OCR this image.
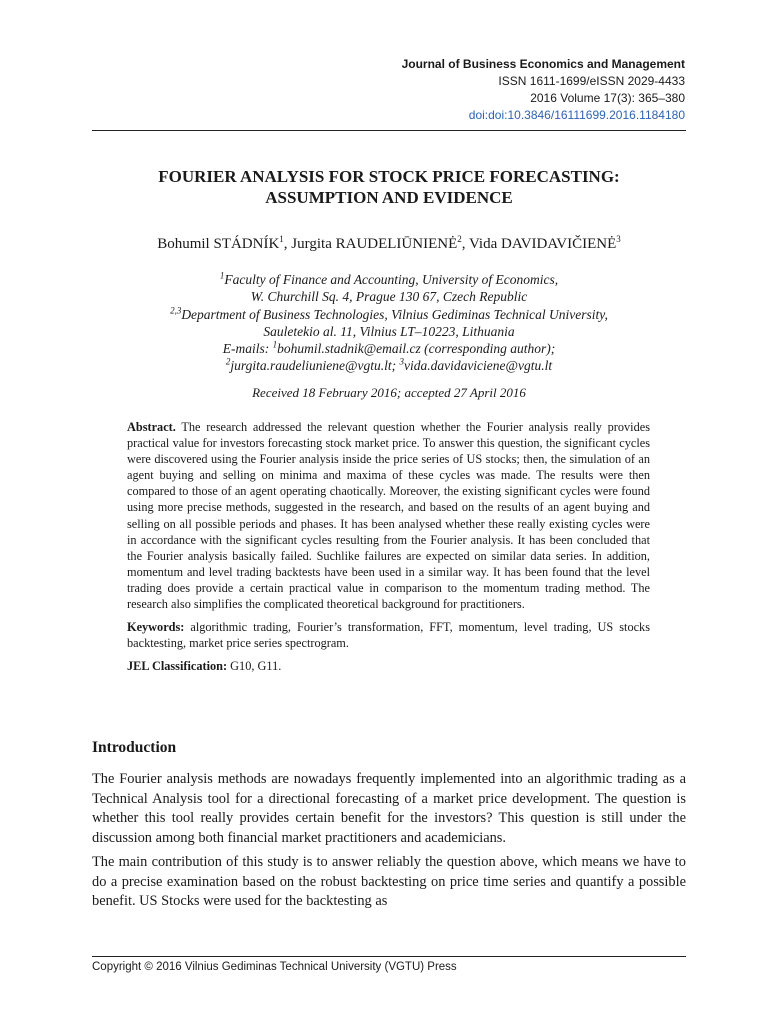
Journal of Business Economics and Management
ISSN 1611-1699/eISSN 2029-4433
2016 Volume 17(3): 365–380
doi:doi:10.3846/16111699.2016.1184180
FOURIER ANALYSIS FOR STOCK PRICE FORECASTING:
ASSUMPTION AND EVIDENCE
Bohumil STÁDNÍK$^1$, Jurgita RAUDELIŪNIENĖ$^2$, Vida DAVIDAVIČIENĖ$^3$
$^1$Faculty of Finance and Accounting, University of Economics,
W. Churchill Sq. 4, Prague 130 67, Czech Republic
$^{2,3}$Department of Business Technologies, Vilnius Gediminas Technical University,
Sauletekio al. 11, Vilnius LT–10223, Lithuania
E-mails: $^1$bohumil.stadnik@email.cz (corresponding author);
$^2$jurgita.raudeliuniene@vgtu.lt; $^3$vida.davidaviciene@vgtu.lt
Received 18 February 2016; accepted 27 April 2016

Abstract. The research addressed the relevant question whether the Fourier analysis really provides practical value for investors forecasting stock market price. To answer this question, the significant cycles were discovered using the Fourier analysis inside the price series of US stocks; then, the simulation of an agent buying and selling on minima and maxima of these cycles was made. The results were then compared to those of an agent operating chaotically. Moreover, the existing significant cycles were found using more precise methods, suggested in the research, and based on the results of an agent buying and selling on all possible periods and phases. It has been analysed whether these really existing cycles were in accordance with the significant cycles resulting from the Fourier analysis. It has been concluded that the Fourier analysis basically failed. Suchlike failures are expected on similar data series. In addition, momentum and level trading backtests have been used in a similar way. It has been found that the level trading does provide a certain practical value in comparison to the momentum trading method. The research also simplifies the complicated theoretical background for practitioners.

Keywords: algorithmic trading, Fourier’s transformation, FFT, momentum, level trading, US stocks backtesting, market price series spectrogram.

JEL Classification: G10, G11.

Introduction

The Fourier analysis methods are nowadays frequently implemented into an algorithmic trading as a Technical Analysis tool for a directional forecasting of a market price development. The question is whether this tool really provides certain benefit for the investors? This question is still under the discussion among both financial market practitioners and academicians.

The main contribution of this study is to answer reliably the question above, which means we have to do a precise examination based on the robust backtesting on price time series and quantify a possible benefit. US Stocks were used for the backtesting as

Copyright © 2016 Vilnius Gediminas Technical University (VGTU) Press
